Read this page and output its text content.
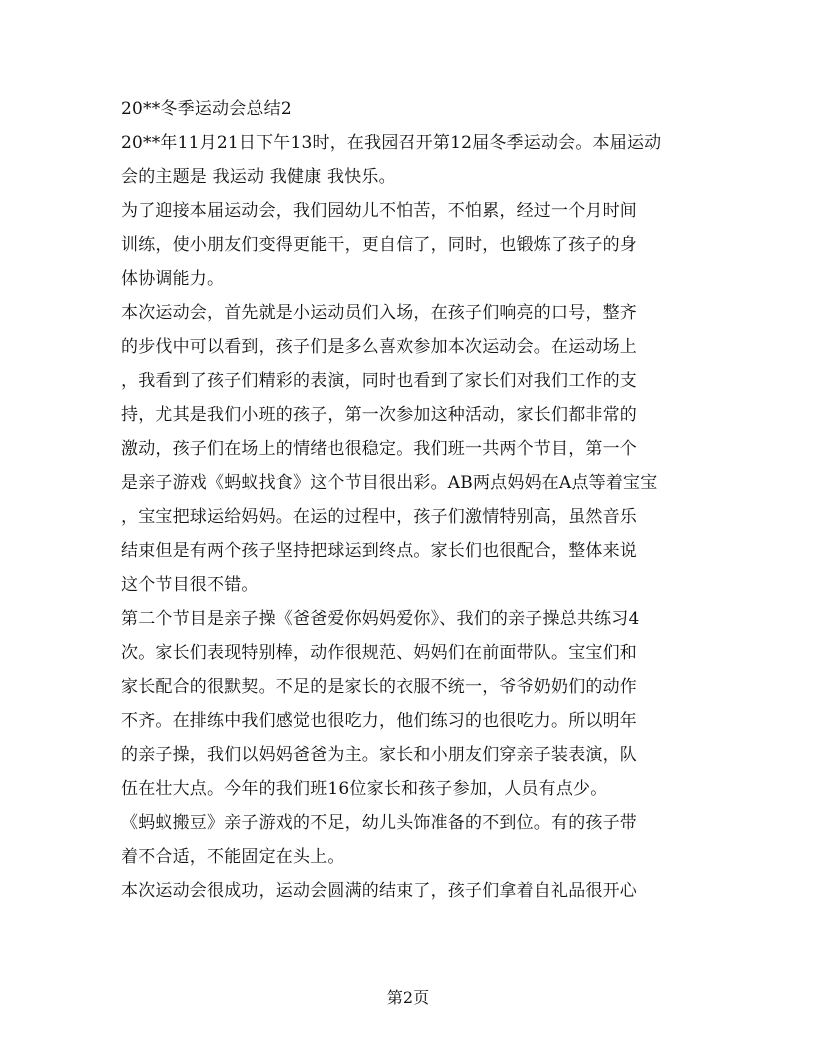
20**冬季运动会总结2
20**年11月21日下午13时，在我园召开第12届冬季运动会。本届运动
会的主题是 我运动 我健康 我快乐。
为了迎接本届运动会，我们园幼儿不怕苦，不怕累，经过一个月时间
训练，使小朋友们变得更能干，更自信了，同时，也锻炼了孩子的身
体协调能力。
本次运动会，首先就是小运动员们入场，在孩子们响亮的口号，整齐
的步伐中可以看到，孩子们是多么喜欢参加本次运动会。在运动场上
，我看到了孩子们精彩的表演，同时也看到了家长们对我们工作的支
持，尤其是我们小班的孩子，第一次参加这种活动，家长们都非常的
激动，孩子们在场上的情绪也很稳定。我们班一共两个节目，第一个
是亲子游戏《蚂蚁找食》这个节目很出彩。AB两点妈妈在A点等着宝宝
，宝宝把球运给妈妈。在运的过程中，孩子们激情特别高，虽然音乐
结束但是有两个孩子坚持把球运到终点。家长们也很配合，整体来说
这个节目很不错。
第二个节目是亲子操《爸爸爱你妈妈爱你》、我们的亲子操总共练习4
次。家长们表现特别棒，动作很规范、妈妈们在前面带队。宝宝们和
家长配合的很默契。不足的是家长的衣服不统一，爷爷奶奶们的动作
不齐。在排练中我们感觉也很吃力，他们练习的也很吃力。所以明年
的亲子操，我们以妈妈爸爸为主。家长和小朋友们穿亲子装表演，队
伍在壮大点。今年的我们班16位家长和孩子参加，人员有点少。
《蚂蚁搬豆》亲子游戏的不足，幼儿头饰准备的不到位。有的孩子带
着不合适，不能固定在头上。
本次运动会很成功，运动会圆满的结束了，孩子们拿着自礼品很开心
第2页
